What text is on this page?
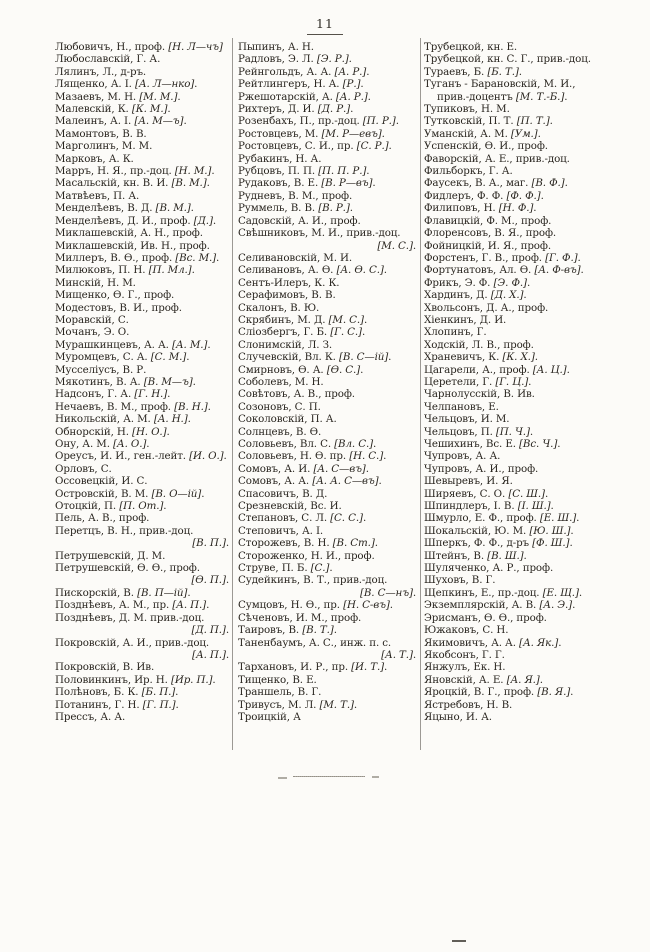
11
Любовичъ, Н., проф. [Н. Л—чъ]
Любославскій, Г. А.
Лялинъ, Л., д-ръ.
Лященко, А. І. [А. Л—нко].
Мазаевъ, М. Н. [М. М.].
Малевскій, К. [К. М.].
Малеинъ, А. І. [А. М—ъ].
Мамонтовъ, В. В.
Марголинъ, М. М.
Марковъ, А. К.
Марръ, Н. Я., пр.-доц. [Н. М.].
Масальскій, кн. В. И. [В. М.].
Матвѣевъ, П. А.
Менделѣевъ, В. Д. [В. М.].
Менделѣевъ, Д. И., проф. [Д.].
Миклашевскій, А. Н., проф.
Миклашевскій, Ив. Н., проф.
Миллеръ, В. Ѳ., проф. [Вс. М.].
Милюковъ, П. Н. [П. Мл.].
Минскій, Н. М.
Мищенко, Ѳ. Г., проф.
Модестовъ, В. И., проф.
Моравскій, С.
Мочанъ, Э. О.
Мурашкинцевъ, А. А. [А. М.].
Муромцевъ, С. А. [С. М.].
Мусселіусъ, В. Р.
Мякотинъ, В. А. [В. М—ъ].
Надсонъ, Г. А. [Г. Н.].
Нечаевъ, В. М., проф. [В. Н.].
Никольскій, А. М. [А. Н.].
Обнорскій, Н. [Н. О.].
Ону, А. М. [А. О.].
Ореусъ, И. И., ген.-лейт. [И. О.].
Орловъ, С.
Оссовецкій, И. С.
Островскій, В. М. [В. О—ій].
Отоцкій, П. [П. От.].
Пель, А. В., проф.
Перетцъ, В. Н., прив.-доц.
[В. П.].
Петрушевскій, Д. М.
Петрушевскій, Ѳ. Ѳ., проф.
[Ѳ. П.].
Пискорскій, В. [В. П—ій].
Позднѣевъ, А. М., пр. [А. П.].
Позднѣевъ, Д. М. прив.-доц.
[Д. П.].
Покровскій, А. И., прив.-доц.
[А. П.].
Покровскій, В. Ив.
Половинкинъ, Ир. Н. [Ир. П.].
Полѣновъ, Б. К. [Б. П.].
Потанинъ, Г. Н. [Г. П.].
Прессъ, А. А.
Пыпинъ, А. Н.
Радловъ, Э. Л. [Э. Р.].
Рейнгольдъ, А. А. [А. Р.].
Рейтлингеръ, Н. А. [Р.].
Ржешотарскій, А. [А. Р.].
Рихтеръ, Д. И. [Д. Р.].
Розенбахъ, П., пр.-доц. [П. Р.].
Ростовцевъ, М. [М. Р—евъ].
Ростовцевъ, С. И., пр. [С. Р.].
Рубакинъ, Н. А.
Рубцовъ, П. П. [П. П. Р.].
Рудаковъ, В. Е. [В. Р—въ].
Рудневъ, В. М., проф.
Руммель, В. В. [В. Р.].
Садовскій, А. И., проф.
Свѣшниковъ, М. И., прив.-доц.
[М. С.].
Селивановскій, М. И.
Селивановъ, А. Ѳ. [А. Ѳ. С.].
Сентъ-Илеръ, К. К.
Серафимовъ, В. В.
Скалонъ, В. Ю.
Скрябинъ, М. Д. [М. С.].
Сліозбергъ, Г. Б. [Г. С.].
Слонимскій, Л. З.
Случевскій, Вл. К. [В. С—ій].
Смирновъ, Ѳ. А. [Ѳ. С.].
Соболевъ, М. Н.
Совѣтовъ, А. В., проф.
Созоновъ, С. П.
Соколовскій, П. А.
Солнцевъ, В. Ѳ.
Соловьевъ, Вл. С. [Вл. С.].
Соловьевъ, Н. Ѳ. пр. [Н. С.].
Сомовъ, А. И. [А. С—въ].
Сомовъ, А. А. [А. А. С—въ].
Спасовичъ, В. Д.
Срезневскій, Вс. И.
Степановъ, С. Л. [С. С.].
Степовичъ, А. І.
Сторожевъ, В. Н. [В. Ст.].
Стороженко, Н. И., проф.
Струве, П. Б. [С.].
Судейкинъ, В. Т., прив.-доц.
[В. С—нъ].
Сумцовъ, Н. Ѳ., пр. [Н. С-въ].
Сѣченовъ, И. М., проф.
Таировъ, В. [В. Т.].
Таненбаумъ, А. С., инж. п. с.
[А. Т.].
Тархановъ, И. Р., пр. [И. Т.].
Тищенко, В. Е.
Траншель, В. Г.
Тривусъ, М. Л. [М. Т.].
Троицкій, А
Трубецкой, кн. Е.
Трубецкой, кн. С. Г., прив.-доц.
Тураевъ, Б. [Б. Т.].
Туганъ - Барановскій, М. И.,
прив.-доцентъ [М. Т.-Б.].
Тупиковъ, Н. М.
Тутковскій, П. Т. [П. Т.].
Уманскій, А. М. [Ум.].
Успенскій, Ѳ. И., проф.
Фаворскій, А. Е., прив.-доц.
Фильборкъ, Г. А.
Фаусекъ, В. А., маг. [В. Ф.].
Фидлеръ, Ф. Ф. [Ф. Ф.].
Филиповъ, Н. [Н. Ф.].
Флавицкій, Ф. М., проф.
Флоренсовъ, В. Я., проф.
Фойницкій, И. Я., проф.
Форстенъ, Г. В., проф. [Г. Ф.].
Фортунатовъ, Ал. Ѳ. [А. Ф-въ].
Фрикъ, Э. Ф. [Э. Ф.].
Хардинъ, Д. [Д. Х.].
Хвольсонъ, Д. А., проф.
Хіенкинъ, Д. И.
Хлопинъ, Г.
Ходскій, Л. В., проф.
Храневичъ, К. [К. Х.].
Цагарели, А., проф. [А. Ц.].
Церетели, Г. [Г. Ц.].
Чарнолусскій, В. Ив.
Челпановъ, Е.
Чельцовъ, И. М.
Чельцовъ, П. [П. Ч.].
Чешихинъ, Вс. Е. [Вс. Ч.].
Чупровъ, А. А.
Чупровъ, А. И., проф.
Шевыревъ, И. Я.
Ширяевъ, С. О. [С. Ш.].
Шпиндлеръ, І. В. [І. Ш.].
Шмурло, Е. Ф., проф. [Е. Ш.].
Шокальскій, Ю. М. [Ю. Ш.].
Шперкъ, Ф. Ф., д-ръ [Ф. Ш.].
Штейнъ, В. [В. Ш.].
Шуляченко, А. Р., проф.
Шуховъ, В. Г.
Щепкинъ, Е., пр.-доц. [Е. Щ.].
Экземплярскій, А. В. [А. Э.].
Эрисманъ, Ѳ. Ѳ., проф.
Южаковъ, С. Н.
Якимовичъ, А. А. [А. Як.].
Якобсонъ, Г. Г.
Янжулъ, Ек. Н.
Яновскій, А. Е. [А. Я.].
Яроцкій, В. Г., проф. [В. Я.].
Ястребовъ, Н. В.
Яцыно, И. А.
